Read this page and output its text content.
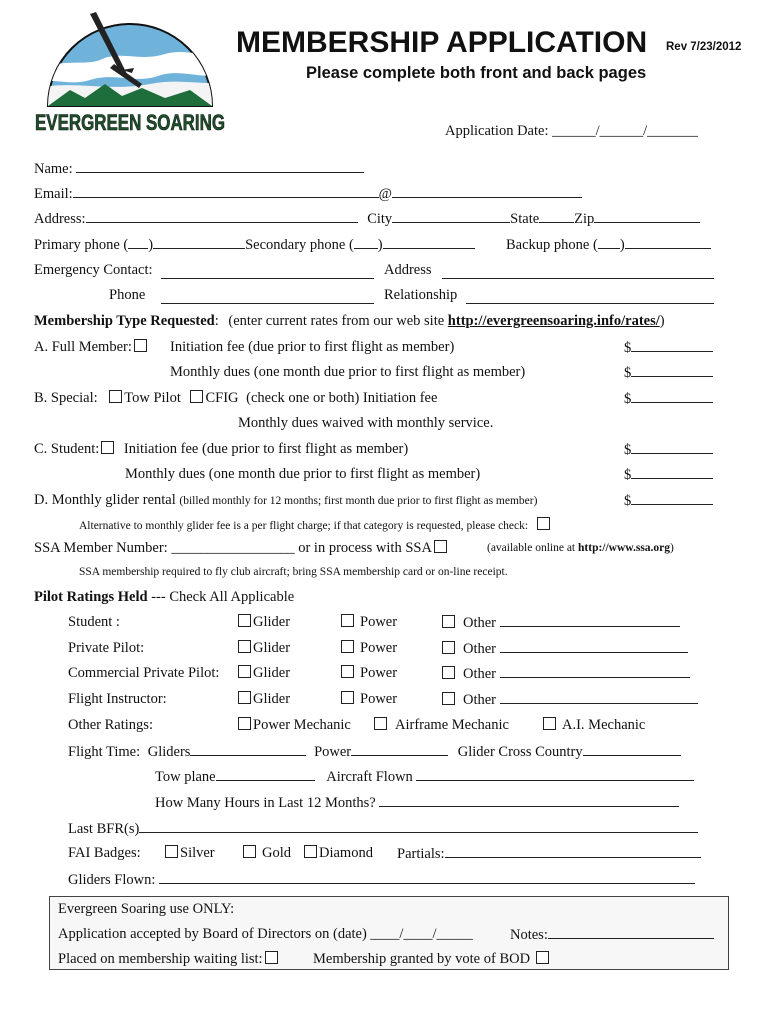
EVERGREEN SOARING
MEMBERSHIP APPLICATION Rev 7/23/2012
Please complete both front and back pages
Application Date: ______/______/_______
Name:
Email:	@
Address:	City	State Zip
Primary phone ( )	Secondary phone ( )	Backup phone ( )
Emergency Contact:	Address
Phone	Relationship
Membership Type Requested: (enter current rates from our web site http://evergreensoaring.info/rates/)
A. Full Member:	Initiation fee (due prior to first flight as member)	$
Monthly dues (one month due prior to first flight as member)	$
B. Special: Tow Pilot CFIG (check one or both) Initiation fee	$
Monthly dues waived with monthly service.
C. Student: Initiation fee (due prior to first flight as member)	$
Monthly dues (one month due prior to first flight as member)	$
D. Monthly glider rental (billed monthly for 12 months; first month due prior to first flight as member)	$
Alternative to monthly glider fee is a per flight charge; if that category is requested, please check:
SSA Member Number: _________________ or in process with SSA	(available online at http://www.ssa.org)
SSA membership required to fly club aircraft; bring SSA membership card or on-line receipt.
Pilot Ratings Held --- Check All Applicable
Student :	Glider	Power	Other
Private Pilot:	Glider	Power	Other
Commercial Private Pilot:	Glider	Power	Other
Flight Instructor:	Glider	Power	Other
Other Ratings:	Power Mechanic	Airframe Mechanic	A.I. Mechanic
Flight Time: Gliders	Power	Glider Cross Country
Tow plane	Aircraft Flown
How Many Hours in Last 12 Months?
Last BFR(s)
FAI Badges:	Silver	Gold	Diamond Partials:
Gliders Flown:
Evergreen Soaring use ONLY:
Application accepted by Board of Directors on (date) ____/____/_____	Notes:
Placed on membership waiting list:	Membership granted by vote of BOD
